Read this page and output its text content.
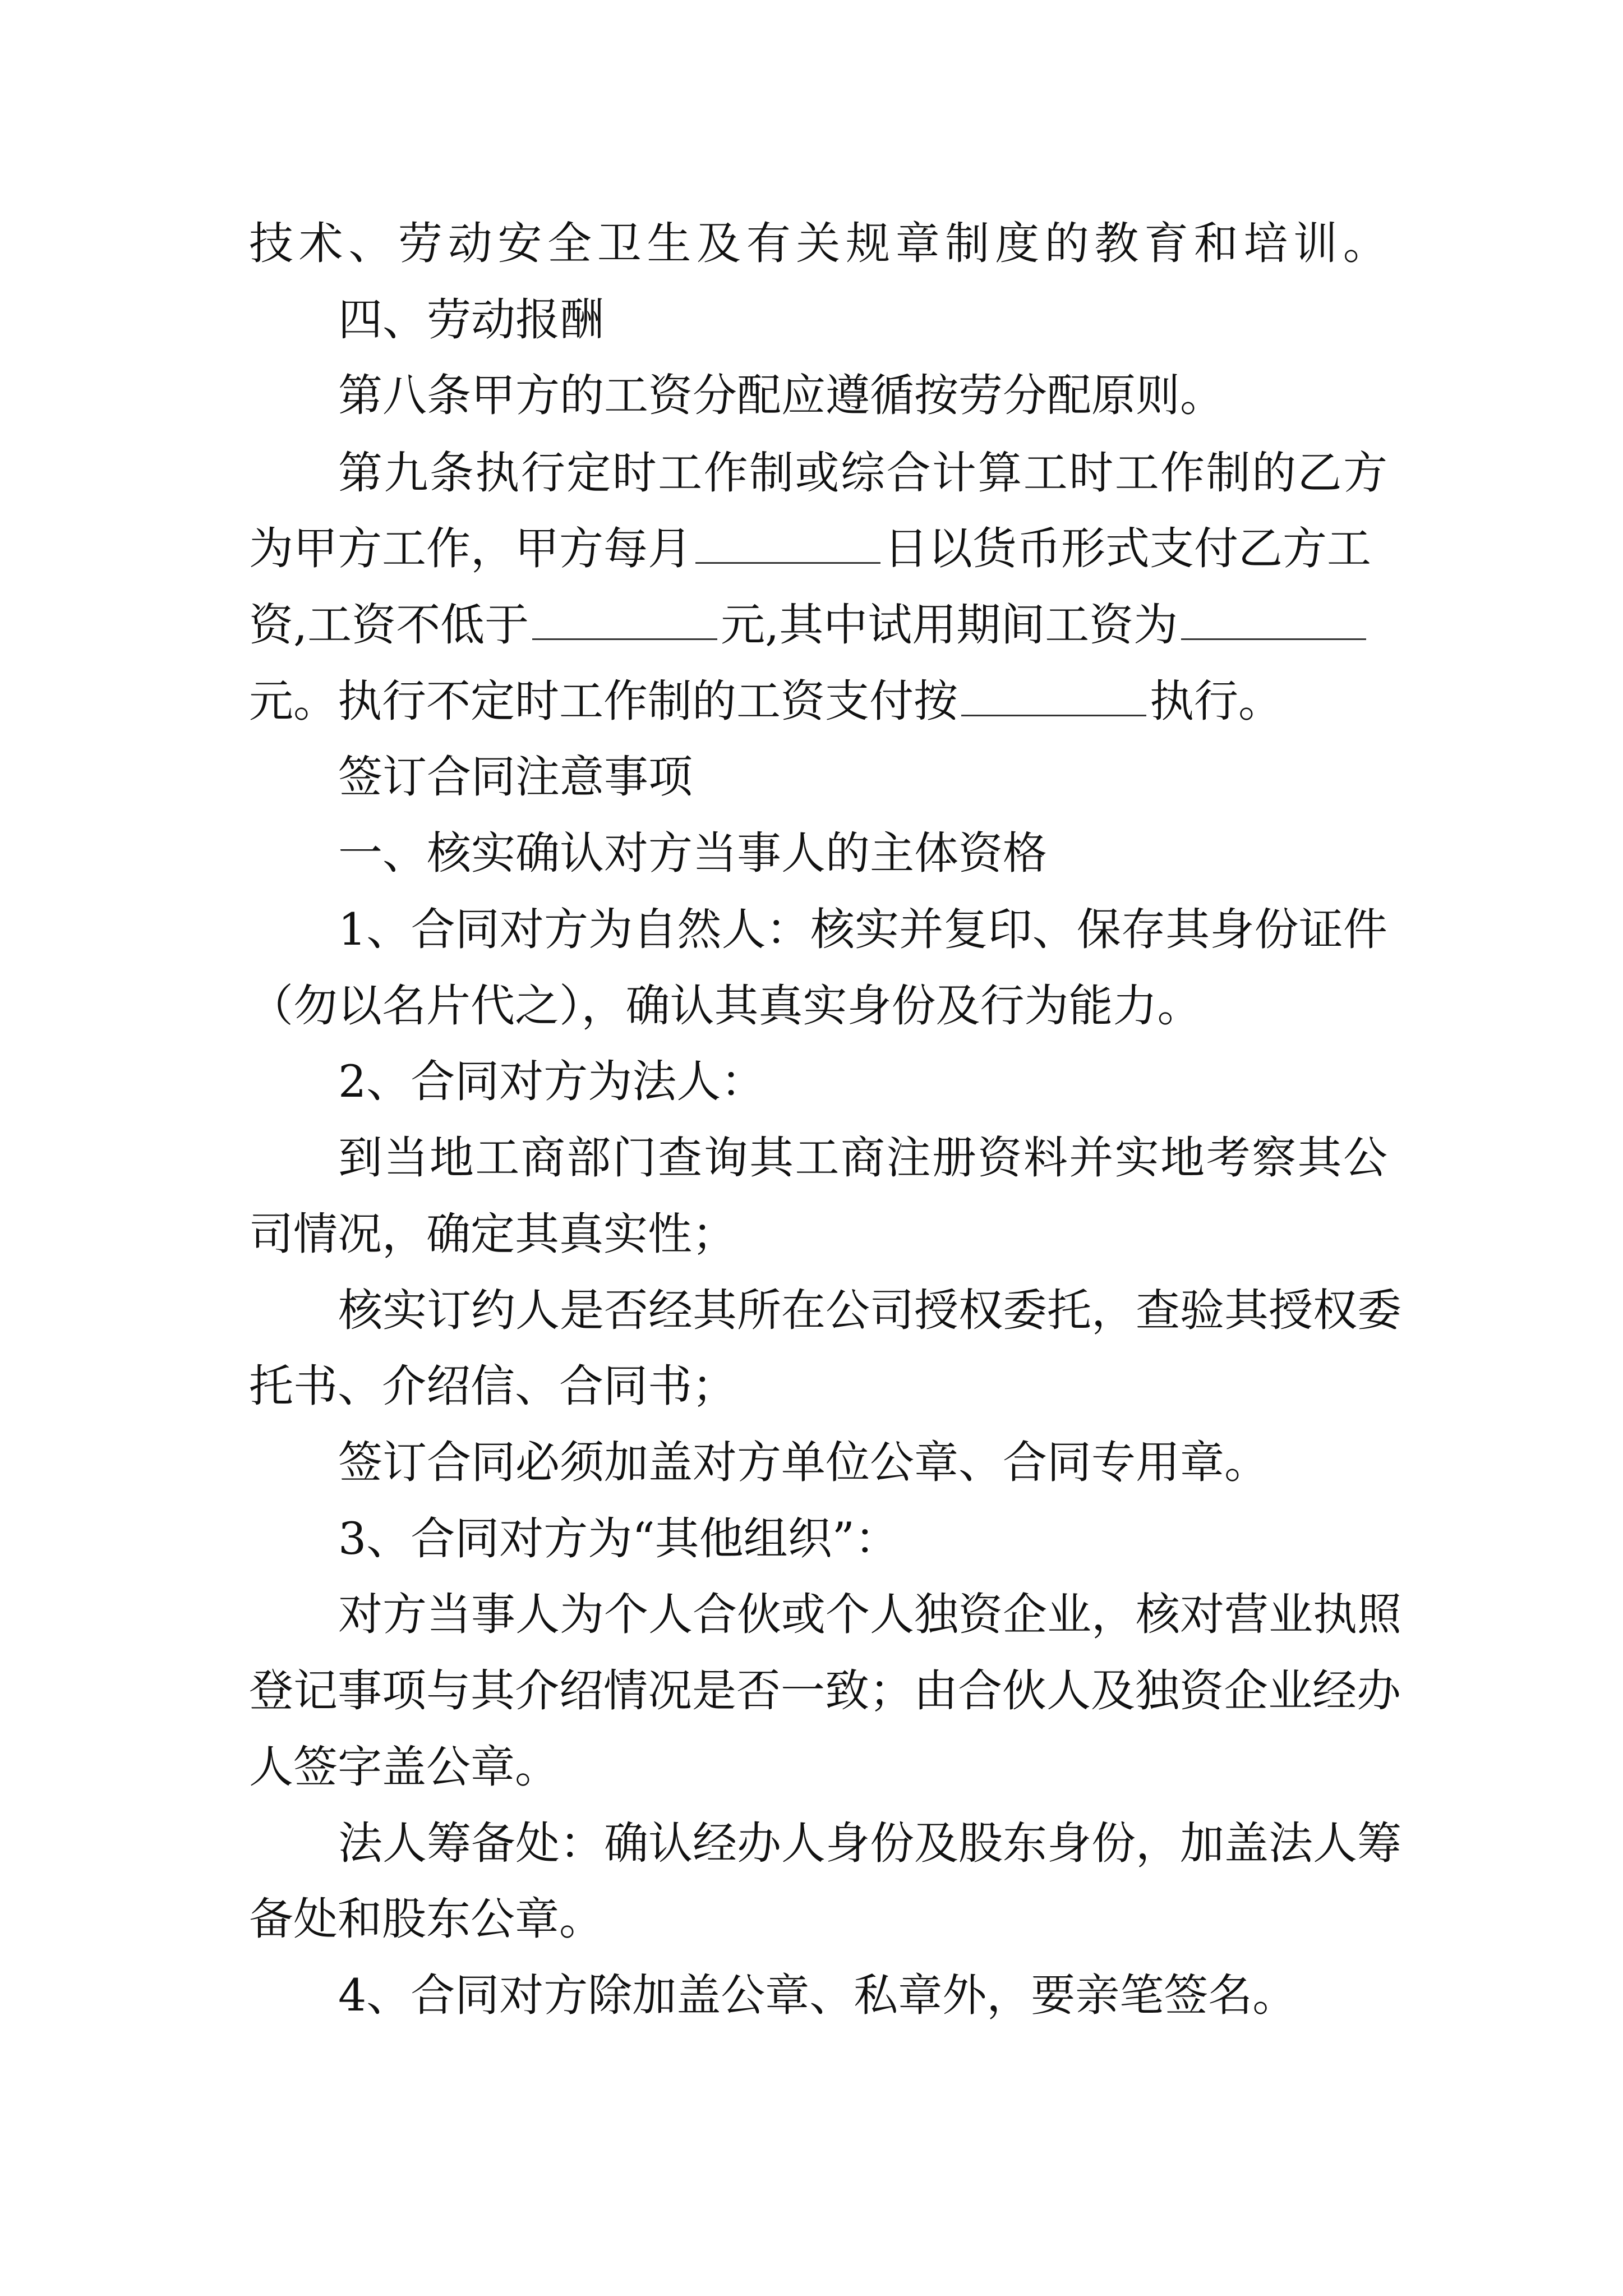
技 术 、 劳 动 安 全 卫 生 及 有 关 规 章 制 度 的 教 育 和 培 训 。
四、劳动报酬
第八条甲方的工资分配应遵循按劳分配原则。
第 九 条 执 行 定 时 工 作 制 或 综 合 计 算 工 时 工 作 制 的 乙 方
为甲方工作，甲方每月	日以货币形式支付乙方工
资,工资不低于	元,其中试用期间工资为
元。执行不定时工作制的工资支付按	执行。
签订合同注意事项
一、核实确认对方当事人的主体资格
1 、 合 同 对 方 为 自 然 人 ： 核 实 并 复 印 、 保 存 其 身 份 证 件
（勿以名片代之），确认其真实身份及行为能力。
2、合同对方为法人：
到 当 地 工 商 部 门 查 询 其 工 商 注 册 资 料 并 实 地 考 察 其 公
司情况，确定其真实性；
核 实 订 约 人 是 否 经 其 所 在 公 司 授 权 委 托 ， 查 验 其 授 权 委
托书、介绍信、合同书；
签订合同必须加盖对方单位公章、合同专用章。
3、合同对方为“其他组织”：
对 方 当 事 人 为 个 人 合 伙 或 个 人 独 资 企 业 ， 核 对 营 业 执 照
登 记 事 项 与 其 介 绍 情 况 是 否 一 致 ； 由 合 伙 人 及 独 资 企 业 经 办
人签字盖公章。
法 人 筹 备 处 ： 确 认 经 办 人 身 份 及 股 东 身 份 ， 加 盖 法 人 筹
备处和股东公章。
4、合同对方除加盖公章、私章外，要亲笔签名。
